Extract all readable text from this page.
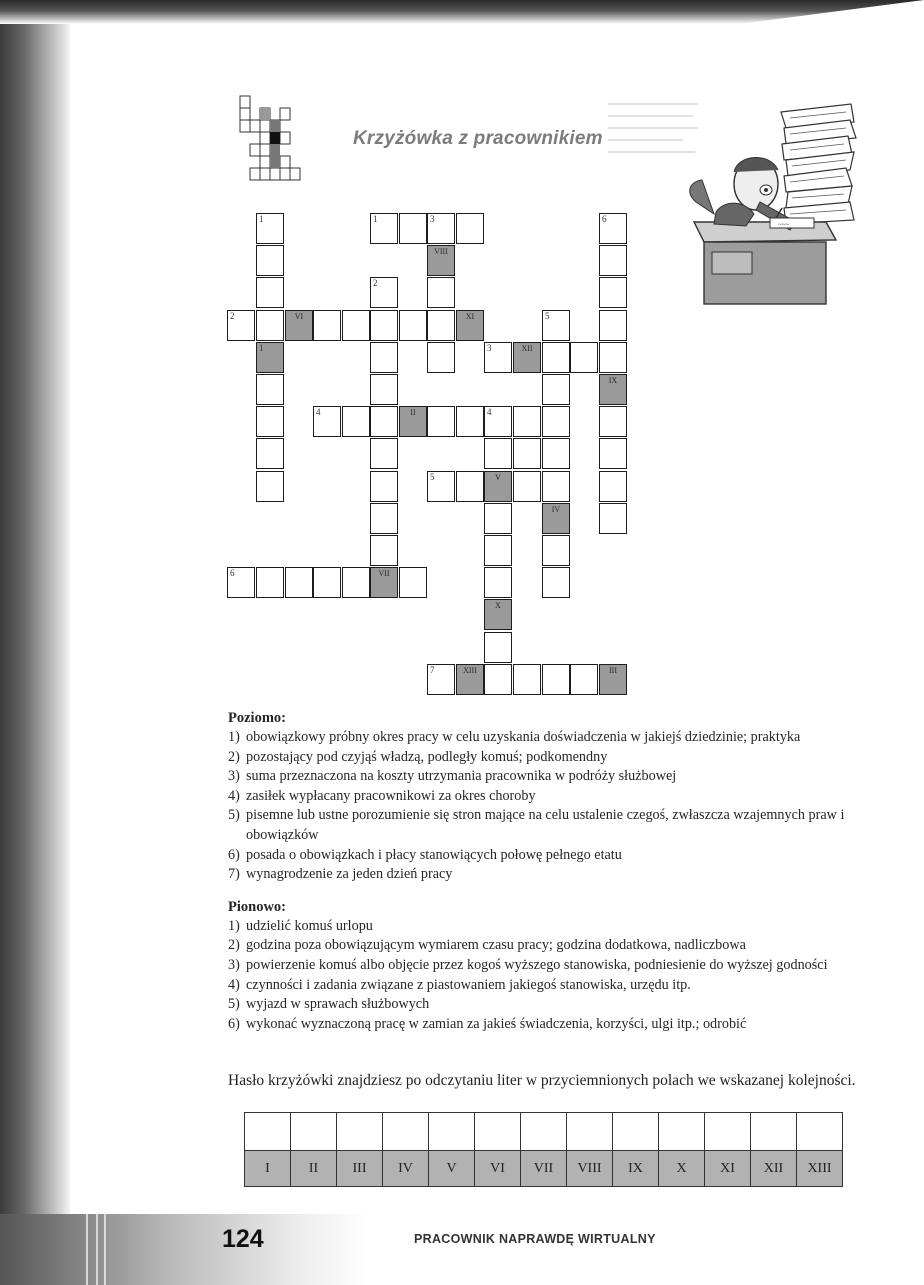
Krzyżówka z pracownikiem
~~~
1
1
1	3
VIII
2
2	VI	XI	5
3	XII
4	II	4
5	V
IV
6	VII
X
7	XIII	III
6
IX
Poziomo:
1) obowiązkowy próbny okres pracy w celu uzyskania doświadczenia w jakiejś dziedzinie; praktyka
2) pozostający pod czyjąś władzą, podległy komuś; podkomendny
3) suma przeznaczona na koszty utrzymania pracownika w podróży służbowej
4) zasiłek wypłacany pracownikowi za okres choroby
5) pisemne lub ustne porozumienie się stron mające na celu ustalenie czegoś, zwłaszcza wzajemnych praw i obowiązków
6) posada o obowiązkach i płacy stanowiących połowę pełnego etatu
7) wynagrodzenie za jeden dzień pracy
Pionowo:
1) udzielić komuś urlopu
2) godzina poza obowiązującym wymiarem czasu pracy; godzina dodatkowa, nadliczbowa
3) powierzenie komuś albo objęcie przez kogoś wyższego stanowiska, podniesienie do wyższej godności
4) czynności i zadania związane z piastowaniem jakiegoś stanowiska, urzędu itp.
5) wyjazd w sprawach służbowych
6) wykonać wyznaczoną pracę w zamian za jakieś świadczenia, korzyści, ulgi itp.; odrobić
Hasło krzyżówki znajdziesz po odczytaniu liter w przyciemnionych polach we wskazanej kolejności.

I	II	III	IV	V	VI	VII	VIII	IX	X	XI	XII	XIII
124	PRACOWNIK NAPRAWDĘ WIRTUALNY
